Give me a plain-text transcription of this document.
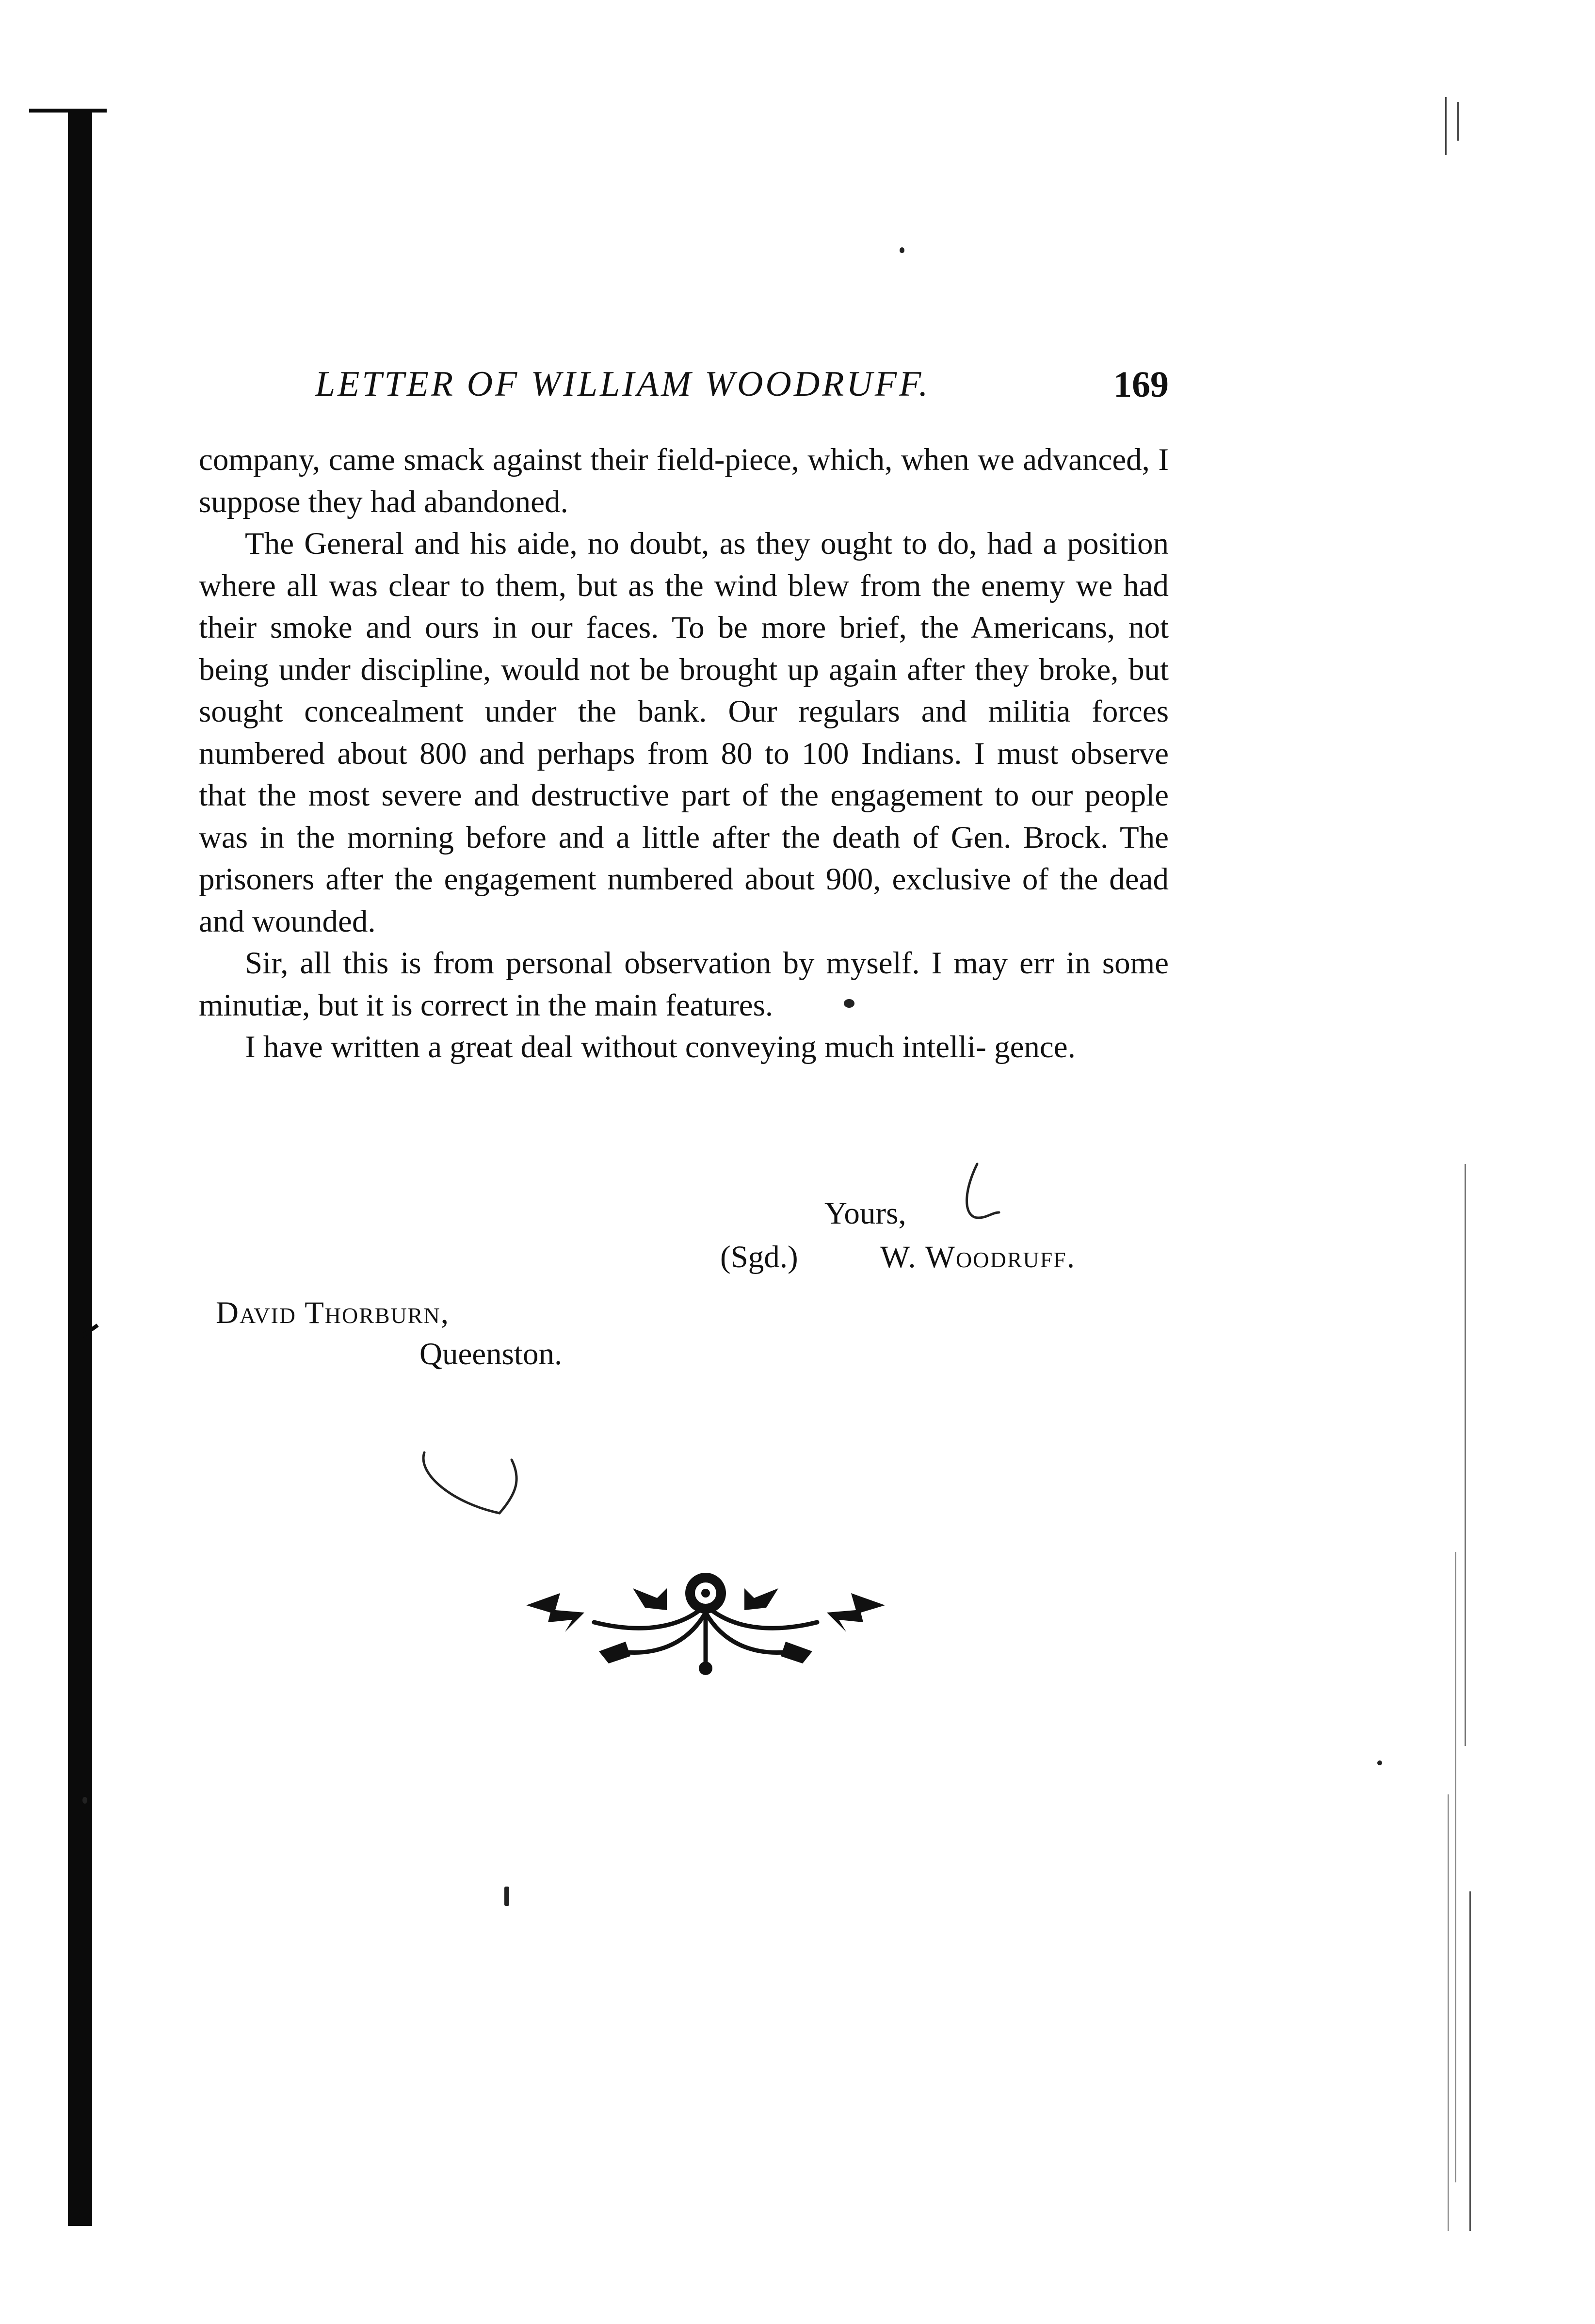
LETTER OF WILLIAM WOODRUFF.	169

company, came smack against their field-piece, which, when we advanced, I suppose they had abandoned.

The General and his aide, no doubt, as they ought to do, had a position where all was clear to them, but as the wind blew from the enemy we had their smoke and ours in our faces. To be more brief, the Americans, not being under discipline, would not be brought up again after they broke, but sought concealment under the bank. Our regulars and militia forces numbered about 800 and perhaps from 80 to 100 Indians. I must observe that the most severe and destructive part of the engagement to our people was in the morning before and a little after the death of Gen. Brock. The prisoners after the engagement numbered about 900, exclusive of the dead and wounded.

Sir, all this is from personal observation by myself. I may err in some minutiæ, but it is correct in the main features.

I have written a great deal without conveying much intelli- gence.

Yours,
(Sgd.)	W. Woodruff.
David Thorburn,
Queenston.
